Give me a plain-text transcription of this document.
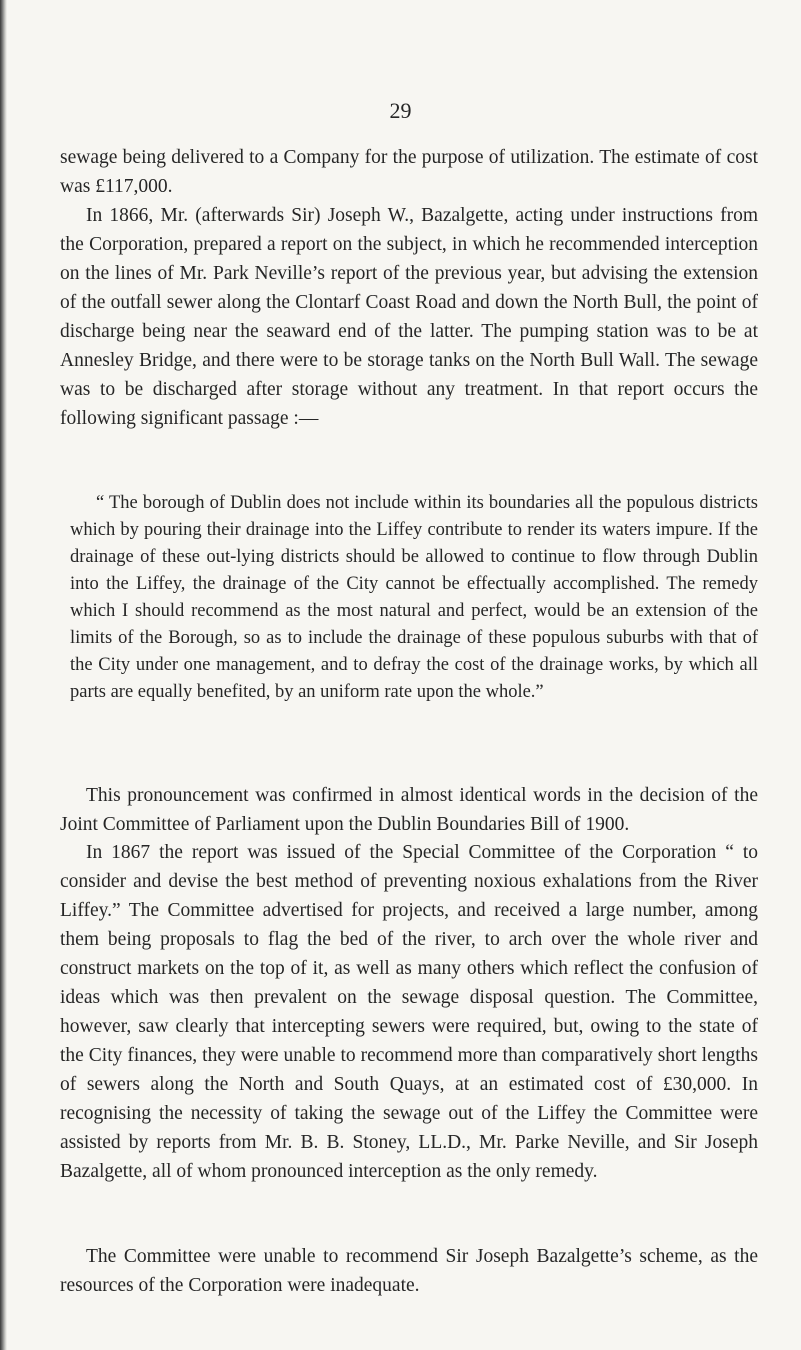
29

sewage being delivered to a Company for the purpose of utilization. The estimate of cost was £117,000.

In 1866, Mr. (afterwards Sir) Joseph W., Bazalgette, acting under instructions from the Corporation, prepared a report on the subject, in which he recommended interception on the lines of Mr. Park Neville’s report of the previous year, but advising the extension of the outfall sewer along the Clontarf Coast Road and down the North Bull, the point of discharge being near the seaward end of the latter. The pumping station was to be at Annesley Bridge, and there were to be storage tanks on the North Bull Wall. The sewage was to be discharged after storage without any treatment. In that report occurs the following significant passage :—

“ The borough of Dublin does not include within its boundaries all the populous districts which by pouring their drainage into the Liffey contribute to render its waters impure. If the drainage of these out-lying districts should be allowed to continue to flow through Dublin into the Liffey, the drainage of the City cannot be effectually accomplished. The remedy which I should recommend as the most natural and perfect, would be an extension of the limits of the Borough, so as to include the drainage of these populous suburbs with that of the City under one management, and to defray the cost of the drainage works, by which all parts are equally benefited, by an uniform rate upon the whole.”

This pronouncement was confirmed in almost identical words in the decision of the Joint Committee of Parliament upon the Dublin Boundaries Bill of 1900.

In 1867 the report was issued of the Special Committee of the Corporation “ to consider and devise the best method of preventing noxious exhalations from the River Liffey.” The Committee advertised for projects, and received a large number, among them being proposals to flag the bed of the river, to arch over the whole river and construct markets on the top of it, as well as many others which reflect the confusion of ideas which was then prevalent on the sewage disposal question. The Committee, however, saw clearly that intercepting sewers were required, but, owing to the state of the City finances, they were unable to recommend more than comparatively short lengths of sewers along the North and South Quays, at an estimated cost of £30,000. In recognising the necessity of taking the sewage out of the Liffey the Committee were assisted by reports from Mr. B. B. Stoney, LL.D., Mr. Parke Neville, and Sir Joseph Bazalgette, all of whom pronounced interception as the only remedy.

The Committee were unable to recommend Sir Joseph Bazalgette’s scheme, as the resources of the Corporation were inadequate.
